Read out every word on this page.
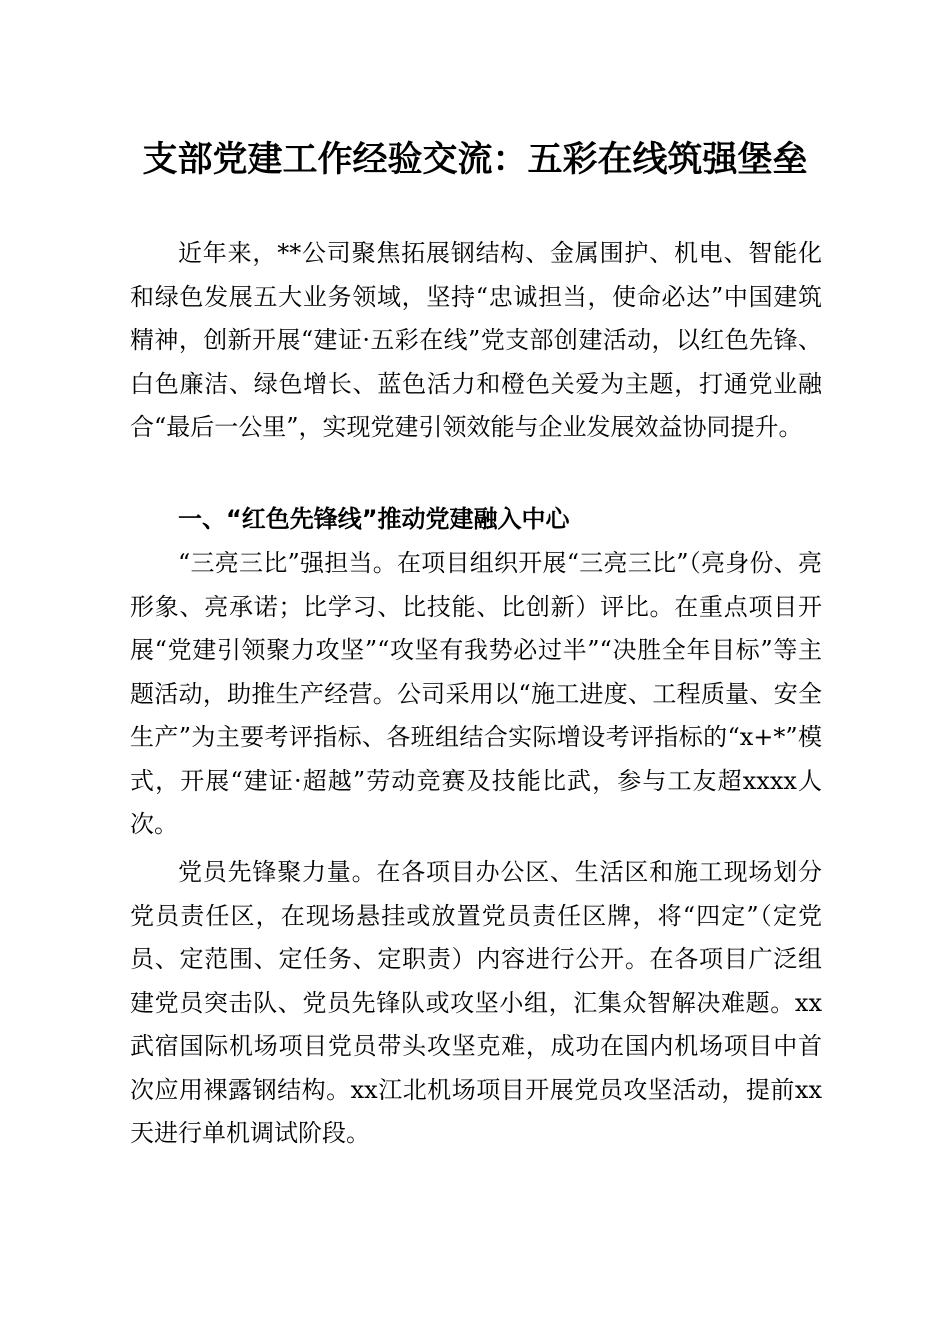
支部党建工作经验交流：五彩在线筑强堡垒

近年来，**公司聚焦拓展钢结构、金属围护、机电、智能化和绿色发展五大业务领域，坚持“忠诚担当，使命必达”中国建筑精神，创新开展“建证·五彩在线”党支部创建活动，以红色先锋、白色廉洁、绿色增长、蓝色活力和橙色关爱为主题，打通党业融合“最后一公里”，实现党建引领效能与企业发展效益协同提升。

一、“红色先锋线”推动党建融入中心

“三亮三比”强担当。在项目组织开展“三亮三比”（亮身份、亮形象、亮承诺；比学习、比技能、比创新）评比。在重点项目开展“党建引领聚力攻坚”“攻坚有我势必过半”“决胜全年目标”等主题活动，助推生产经营。公司采用以“施工进度、工程质量、安全生产”为主要考评指标、各班组结合实际增设考评指标的“x+*”模式，开展“建证·超越”劳动竞赛及技能比武，参与工友超xxxx人次。

党员先锋聚力量。在各项目办公区、生活区和施工现场划分党员责任区，在现场悬挂或放置党员责任区牌，将“四定”（定党员、定范围、定任务、定职责）内容进行公开。在各项目广泛组建党员突击队、党员先锋队或攻坚小组，汇集众智解决难题。xx武宿国际机场项目党员带头攻坚克难，成功在国内机场项目中首次应用裸露钢结构。xx江北机场项目开展党员攻坚活动，提前xx天进行单机调试阶段。
